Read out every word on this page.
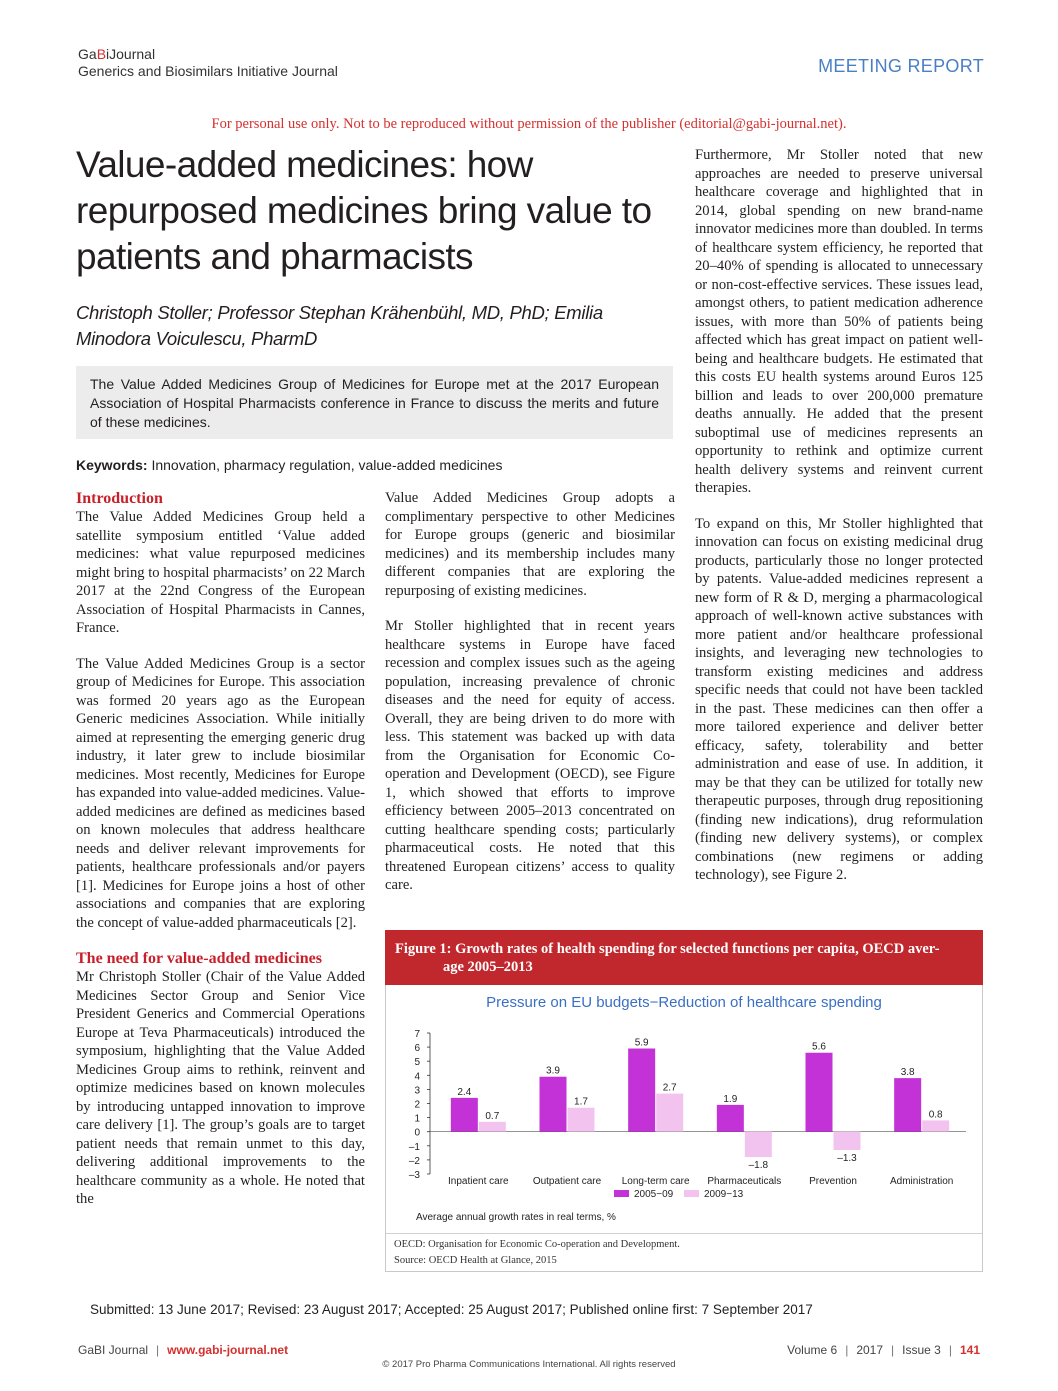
GaBiJournal
Generics and Biosimilars Initiative Journal	MEETING REPORT
For personal use only. Not to be reproduced without permission of the publisher (editorial@gabi-journal.net).
Value-added medicines: how repurposed medicines bring value to patients and pharmacists
Christoph Stoller; Professor Stephan Krähenbühl, MD, PhD; Emilia Minodora Voiculescu, PharmD
The Value Added Medicines Group of Medicines for Europe met at the 2017 European Association of Hospital Pharmacists conference in France to discuss the merits and future of these medicines.
Keywords: Innovation, pharmacy regulation, value-added medicines
Introduction

The Value Added Medicines Group held a satellite symposium entitled ‘Value added medicines: what value repurposed medicines might bring to hospital pharmacists’ on 22 March 2017 at the 22nd Congress of the European Association of Hospital Pharmacists in Cannes, France.

The Value Added Medicines Group is a sector group of Medicines for Europe. This association was formed 20 years ago as the European Generic medicines Association. While initially aimed at representing the emerging generic drug industry, it later grew to include biosimilar medicines. Most recently, Medicines for Europe has expanded into value-added medicines. Value-added medicines are defined as medicines based on known molecules that address healthcare needs and deliver relevant improvements for patients, healthcare professionals and/or payers [1]. Medicines for Europe joins a host of other associations and companies that are exploring the concept of value-added pharmaceuticals [2].

The need for value-added medicines

Mr Christoph Stoller (Chair of the Value Added Medicines Sector Group and Senior Vice President Generics and Commercial Operations Europe at Teva Pharmaceuticals) introduced the symposium, highlighting that the Value Added Medicines Group aims to rethink, reinvent and optimize medicines based on known molecules by introducing untapped innovation to improve care delivery [1]. The group’s goals are to target patient needs that remain unmet to this day, delivering additional improvements to the healthcare community as a whole. He noted that the

Value Added Medicines Group adopts a complimentary perspective to other Medicines for Europe groups (generic and biosimilar medicines) and its membership includes many different companies that are exploring the repurposing of existing medicines.

Mr Stoller highlighted that in recent years healthcare systems in Europe have faced recession and complex issues such as the ageing population, increasing prevalence of chronic diseases and the need for equity of access. Overall, they are being driven to do more with less. This statement was backed up with data from the Organisation for Economic Co-operation and Development (OECD), see Figure 1, which showed that efforts to improve efficiency between 2005–2013 concentrated on cutting healthcare spending costs; particularly pharmaceutical costs. He noted that this threatened European citizens’ access to quality care.

Furthermore, Mr Stoller noted that new approaches are needed to preserve universal healthcare coverage and highlighted that in 2014, global spending on new brand-name innovator medicines more than doubled. In terms of healthcare system efficiency, he reported that 20–40% of spending is allocated to unnecessary or non-cost-effective services. These issues lead, amongst others, to patient medication adherence issues, with more than 50% of patients being affected which has great impact on patient well-being and healthcare budgets. He estimated that this costs EU health systems around Euros 125 billion and leads to over 200,000 premature deaths annually. He added that the present suboptimal use of medicines represents an opportunity to rethink and optimize current health delivery systems and reinvent current therapies.

To expand on this, Mr Stoller highlighted that innovation can focus on existing medicinal drug products, particularly those no longer protected by patents. Value-added medicines represent a new form of R & D, merging a pharmacological approach of well-known active substances with more patient and/or healthcare professional insights, and leveraging new technologies to transform existing medicines and address specific needs that could not have been tackled in the past. These medicines can then offer a more tailored experience and deliver better efficacy, safety, tolerability and better administration and ease of use. In addition, it may be that they can be utilized for totally new therapeutic purposes, through drug repositioning (finding new indications), drug reformulation (finding new delivery systems), or complex combinations (new regimens or adding technology), see Figure 2.

Figure 1: Growth rates of health spending for selected functions per capita, OECD aver-
age 2005–2013
Pressure on EU budgets−Reduction of healthcare spending
7
6
5
4
3
2
1
0
–1
–2
–3
2.4
0.7
Inpatient care
3.9
1.7
Outpatient care
5.9
2.7
Long-term care
1.9
–1.8
Pharmaceuticals
5.6
–1.3
Prevention
3.8
0.8
Administration
2005−09	2009−13
Average annual growth rates in real terms, %
OECD: Organisation for Economic Co-operation and Development.
Source: OECD Health at Glance, 2015
Submitted: 13 June 2017; Revised: 23 August 2017; Accepted: 25 August 2017; Published online first: 7 September 2017
GaBI Journal | www.gabi-journal.net	Volume 6 | 2017 | Issue 3 | 141
© 2017 Pro Pharma Communications International. All rights reserved
